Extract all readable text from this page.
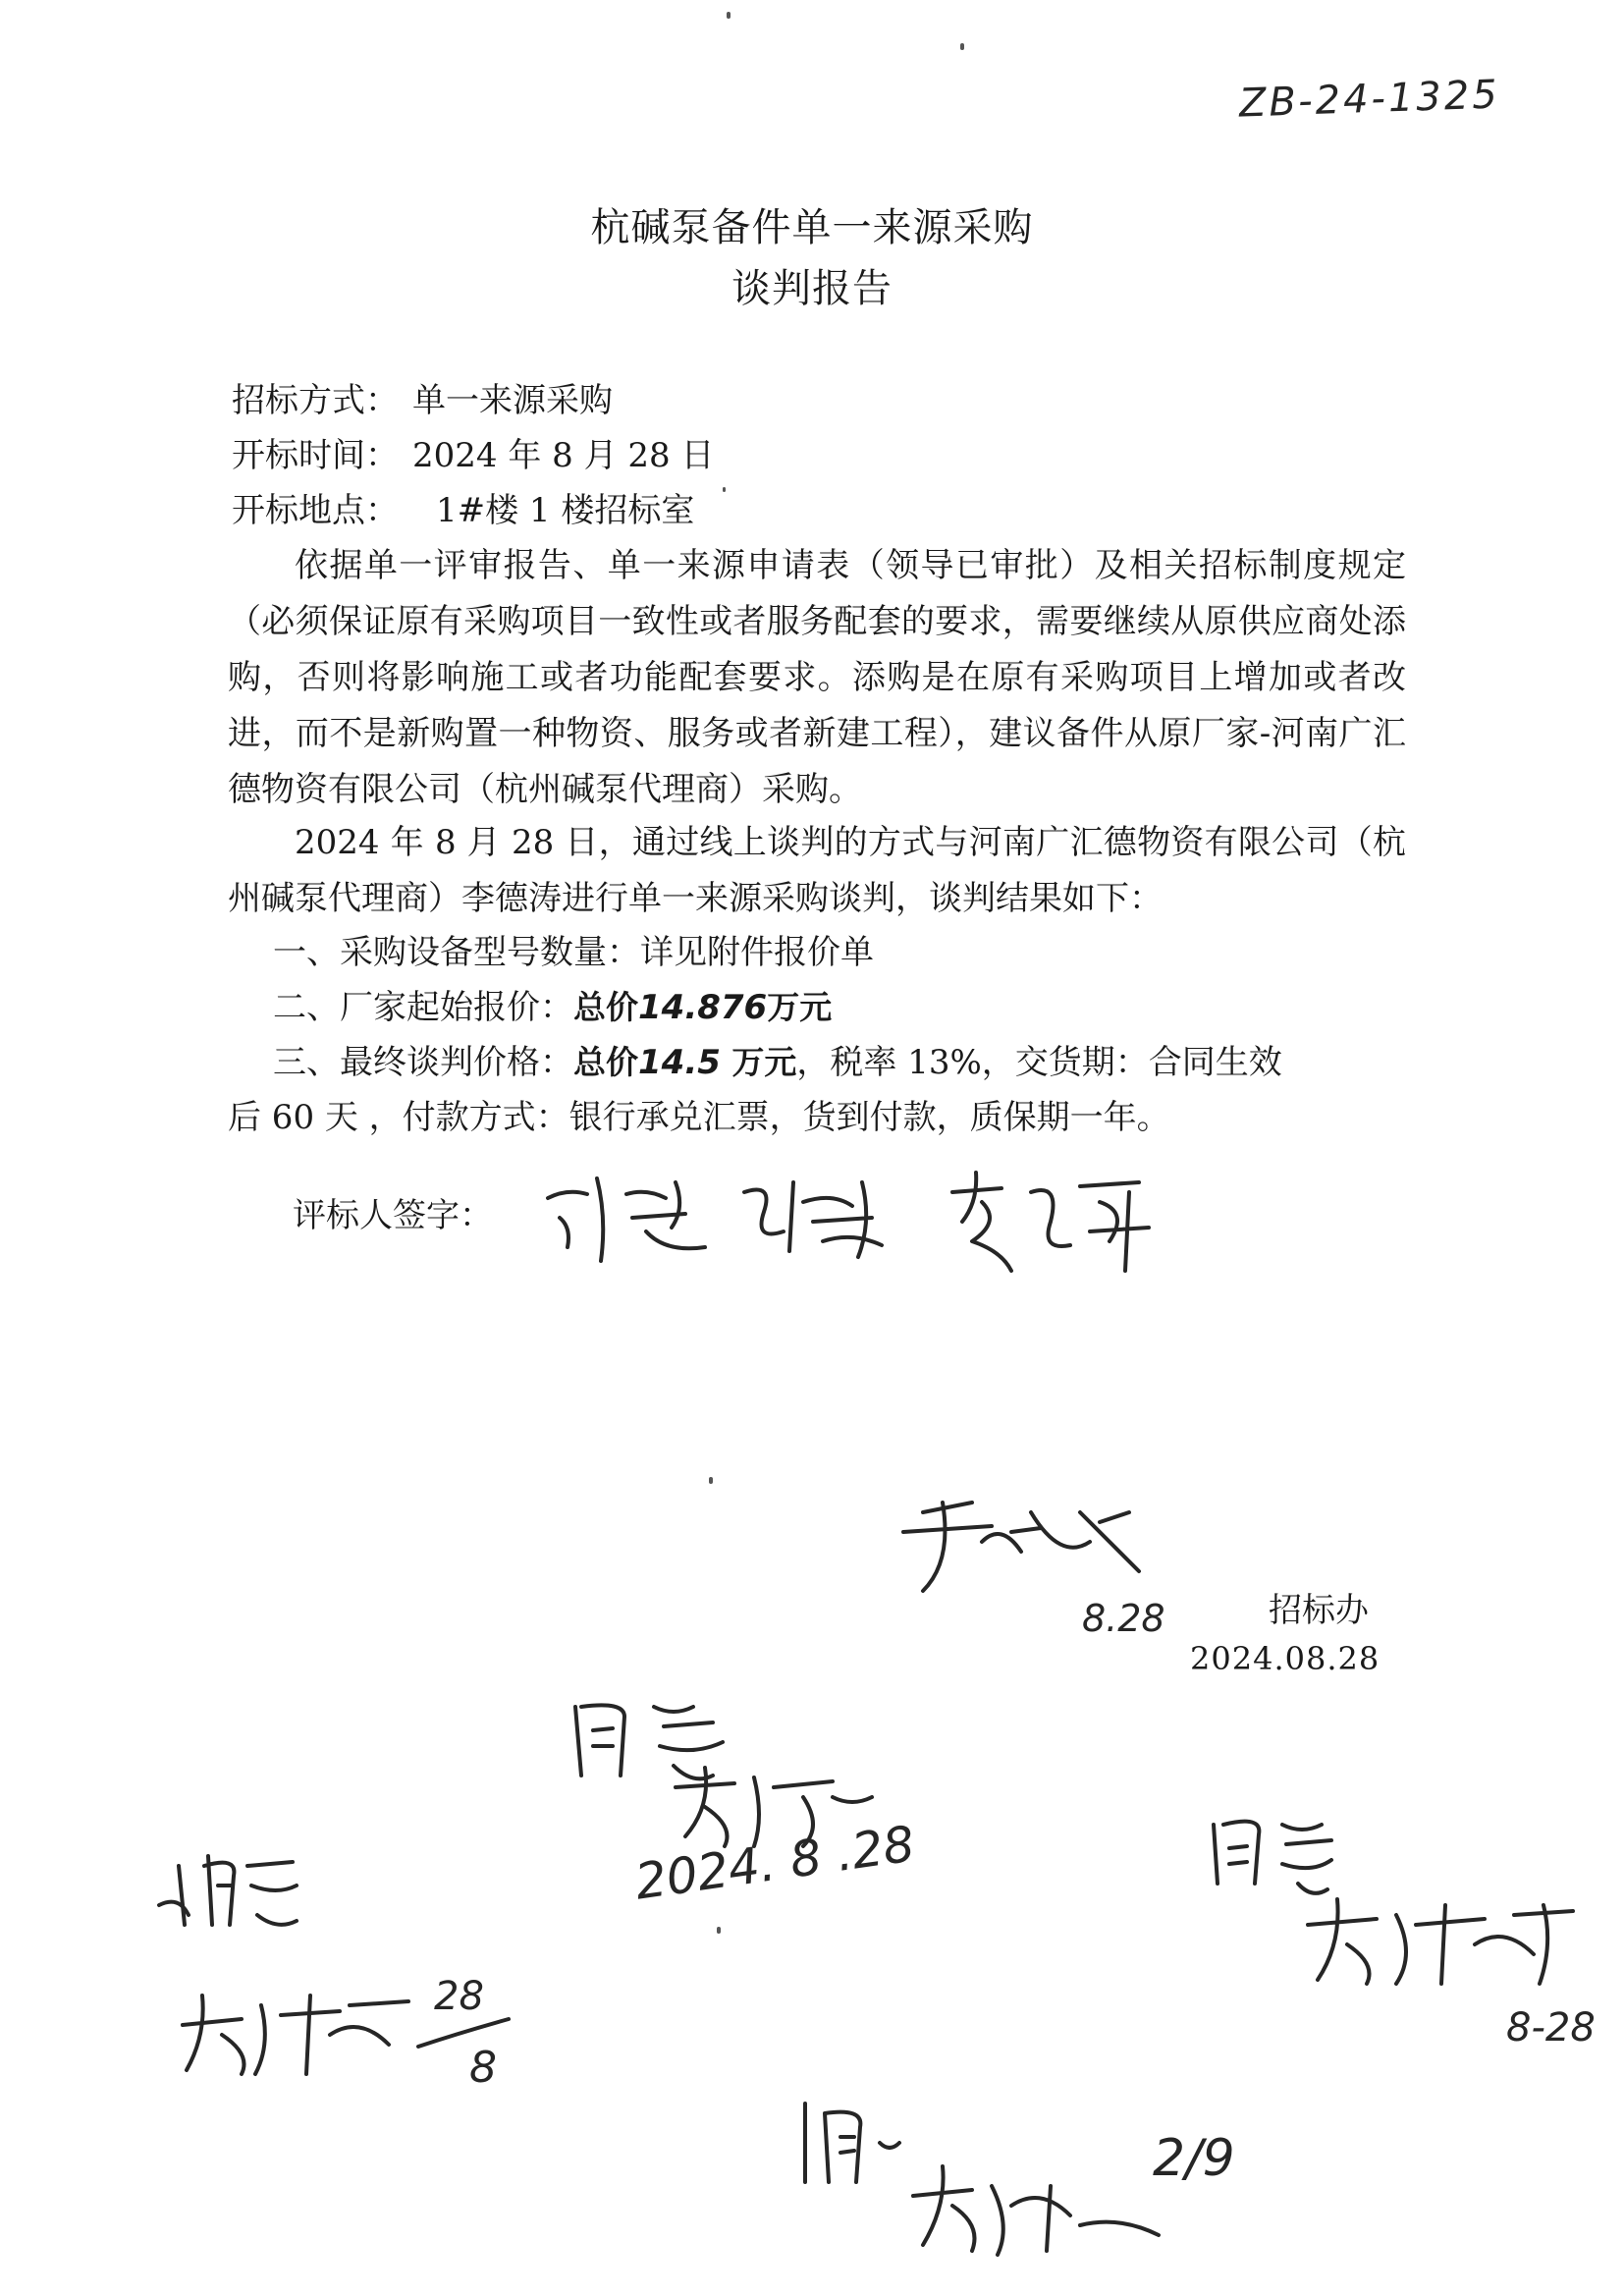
ZB-24-1325
杭碱泵备件单一来源采购
谈判报告
招标方式： 单一来源采购
开标时间： 2024 年 8 月 28 日
开标地点： 1#楼 1 楼招标室
依据单一评审报告、单一来源申请表（领导已审批）及相关招标制度规定（必须保证原有采购项目一致性或者服务配套的要求，需要继续从原供应商处添购，否则将影响施工或者功能配套要求。添购是在原有采购项目上增加或者改进，而不是新购置一种物资、服务或者新建工程），建议备件从原厂家-河南广汇德物资有限公司（杭州碱泵代理商）采购。
2024 年 8 月 28 日，通过线上谈判的方式与河南广汇德物资有限公司（杭州碱泵代理商）李德涛进行单一来源采购谈判，谈判结果如下：
一、采购设备型号数量：详见附件报价单
二、厂家起始报价：总价14.876万元
三、最终谈判价格：总价14.5 万元，税率 13%，交货期：合同生效
后 60 天 ，付款方式：银行承兑汇票，货到付款，质保期一年。
评标人签字：
8.28	招标办
2024.08.28
2024. 8 .28
8-28
28
8
2/9
